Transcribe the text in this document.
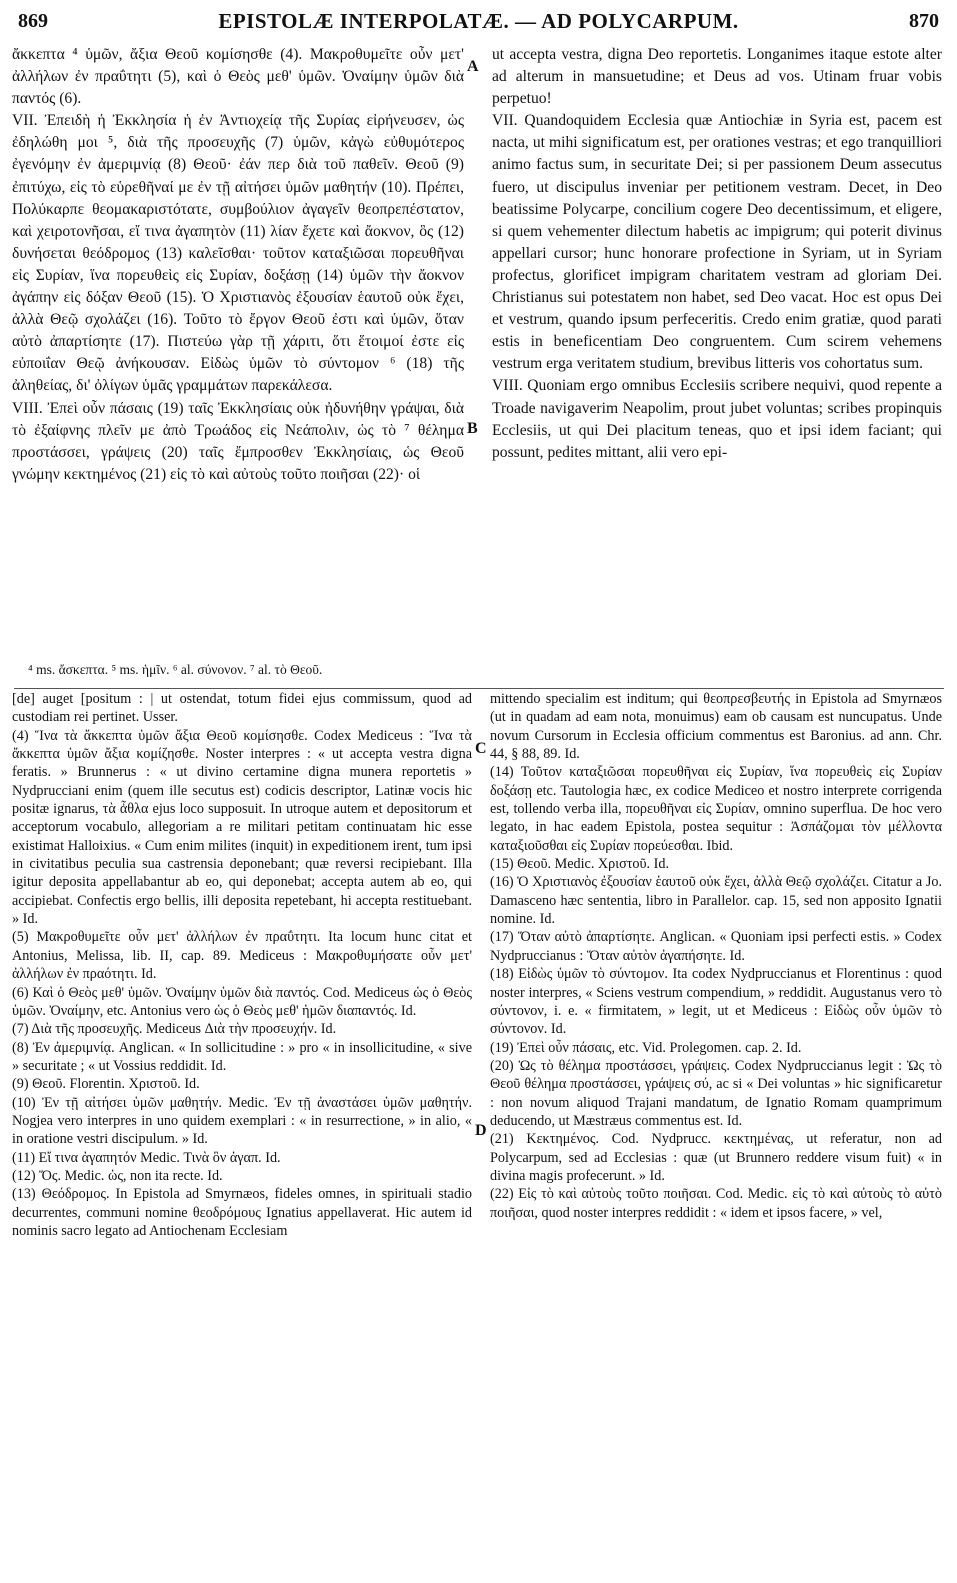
869	EPISTOLÆ INTERPOLATÆ. — AD POLYCARPUM.	870

ἄκκεπτα ⁴ ὑμῶν, ἄξια Θεοῦ κομίσησθε (4). Μακροθυμεῖτε οὖν μετ' ἀλλήλων ἐν πραΰτητι (5), καὶ ὁ Θεὸς μεθ' ὑμῶν. Ὀναίμην ὑμῶν διὰ παντός (6).

VII. Ἐπειδὴ ἡ Ἐκκλησία ἡ ἐν Ἀντιοχείᾳ τῆς Συρίας εἰρήνευσεν, ὡς ἐδηλώθη μοι ⁵, διὰ τῆς προσευχῆς (7) ὑμῶν, κἀγὼ εὐθυμότερος ἐγενόμην ἐν ἀμεριμνίᾳ (8) Θεοῦ· ἐάν περ διὰ τοῦ παθεῖν. Θεοῦ (9) ἐπιτύχω, εἰς τὸ εὑρεθῆναί με ἐν τῇ αἰτήσει ὑμῶν μαθητήν (10). Πρέπει, Πολύκαρπε θεομακαριστότατε, συμβούλιον ἀγαγεῖν θεοπρεπέστατον, καὶ χειροτονῆσαι, εἴ τινα ἀγαπητὸν (11) λίαν ἔχετε καὶ ἄοκνον, ὃς (12) δυνήσεται θεόδρομος (13) καλεῖσθαι· τοῦτον καταξιῶσαι πορευθῆναι εἰς Συρίαν, ἵνα πορευθεὶς εἰς Συρίαν, δοξάσῃ (14) ὑμῶν τὴν ἄοκνον ἀγάπην εἰς δόξαν Θεοῦ (15). Ὁ Χριστιανὸς ἐξουσίαν ἑαυτοῦ οὐκ ἔχει, ἀλλὰ Θεῷ σχολάζει (16). Τοῦτο τὸ ἔργον Θεοῦ ἐστι καὶ ὑμῶν, ὅταν αὐτὸ ἀπαρτίσητε (17). Πιστεύω γὰρ τῇ χάριτι, ὅτι ἕτοιμοί ἐστε εἰς εὐποιΐαν Θεῷ ἀνήκουσαν. Εἰδὼς ὑμῶν τὸ σύντομον ⁶ (18) τῆς ἀληθείας, δι' ὀλίγων ὑμᾶς γραμμάτων παρεκάλεσα.

VIII. Ἐπεὶ οὖν πάσαις (19) ταῖς Ἐκκλησίαις οὐκ ἠδυνήθην γράψαι, διὰ τὸ ἐξαίφνης πλεῖν με ἀπὸ Τρωάδος εἰς Νεάπολιν, ὡς τὸ ⁷ θέλημα προστάσσει, γράψεις (20) ταῖς ἔμπροσθεν Ἐκκλησίαις, ὡς Θεοῦ γνώμην κεκτημένος (21) εἰς τὸ καὶ αὐτοὺς τοῦτο ποιῆσαι (22)· οἱ

A
B

ut accepta vestra, digna Deo reportetis. Longanimes itaque estote alter ad alterum in mansuetudine; et Deus ad vos. Utinam fruar vobis perpetuo!

VII. Quandoquidem Ecclesia quæ Antiochiæ in Syria est, pacem est nacta, ut mihi significatum est, per orationes vestras; et ego tranquilliori animo factus sum, in securitate Dei; si per passionem Deum assecutus fuero, ut discipulus inveniar per petitionem vestram. Decet, in Deo beatissime Polycarpe, concilium cogere Deo decentissimum, et eligere, si quem vehementer dilectum habetis ac impigrum; qui poterit divinus appellari cursor; hunc honorare profectione in Syriam, ut in Syriam profectus, glorificet impigram charitatem vestram ad gloriam Dei. Christianus sui potestatem non habet, sed Deo vacat. Hoc est opus Dei et vestrum, quando ipsum perfeceritis. Credo enim gratiæ, quod parati estis in beneficentiam Deo congruentem. Cum scirem vehemens vestrum erga veritatem studium, brevibus litteris vos cohortatus sum.

VIII. Quoniam ergo omnibus Ecclesiis scribere nequivi, quod repente a Troade navigaverim Neapolim, prout jubet voluntas; scribes propinquis Ecclesiis, ut qui Dei placitum teneas, quo et ipsi idem faciant; qui possunt, pedites mittant, alii vero epi-

⁴ ms. ἄσκεπτα. ⁵ ms. ἡμῖν. ⁶ al. σύνονον. ⁷ al. τὸ Θεοῦ.

[de] auget [positum : | ut ostendat, totum fidei ejus commissum, quod ad custodiam rei pertinet. Usser.

(4) Ἵνα τὰ ἄκκεπτα ὑμῶν ἄξια Θεοῦ κομίσησθε. Codex Mediceus : Ἵνα τὰ ἄκκεπτα ὑμῶν ἄξια κομίζησθε. Noster interpres : « ut accepta vestra digna feratis. » Brunnerus : « ut divino certamine digna munera reportetis » Nydprucciani enim (quem ille secutus est) codicis descriptor, Latinæ vocis hic positæ ignarus, τὰ ἆθλα ejus loco supposuit. In utroque autem et depositorum et acceptorum vocabulo, allegoriam a re militari petitam continuatam hic esse existimat Halloixius. « Cum enim milites (inquit) in expeditionem irent, tum ipsi in civitatibus peculia sua castrensia deponebant; quæ reversi recipiebant. Illa igitur deposita appellabantur ab eo, qui deponebat; accepta autem ab eo, qui accipiebat. Confectis ergo bellis, illi deposita repetebant, hi accepta restituebant. » Id.

(5) Μακροθυμεῖτε οὖν μετ' ἀλλήλων ἐν πραΰτητι. Ita locum hunc citat et Antonius, Melissa, lib. II, cap. 89. Mediceus : Μακροθυμήσατε οὖν μετ' ἀλλήλων ἐν πραότητι. Id.

(6) Καὶ ὁ Θεὸς μεθ' ὑμῶν. Ὀναίμην ὑμῶν διὰ παντός. Cod. Mediceus ὡς ὁ Θεὸς ὑμῶν. Ὀναίμην, etc. Antonius vero ὡς ὁ Θεὸς μεθ' ἡμῶν διαπαντός. Id.

(7) Διὰ τῆς προσευχῆς. Mediceus Διὰ τὴν προσευχήν. Id.

(8) Ἐν ἀμεριμνίᾳ. Anglican. « In sollicitudine : » pro « in insollicitudine, « sive » securitate ; « ut Vossius reddidit. Id.

(9) Θεοῦ. Florentin. Χριστοῦ. Id.

(10) Ἐν τῇ αἰτήσει ὑμῶν μαθητήν. Medic. Ἐν τῇ ἀναστάσει ὑμῶν μαθητήν. Nogjea vero interpres in uno quidem exemplari : « in resurrectione, » in alio, « in oratione vestri discipulum. » Id.

(11) Εἴ τινα ἀγαπητόν Medic. Τινὰ ὃν ἀγαπ. Id.

(12) Ὅς. Medic. ὡς, non ita recte. Id.

(13) Θεόδρομος. In Epistola ad Smyrnæos, fideles omnes, in spirituali stadio decurrentes, communi nomine θεοδρόμους Ignatius appellaverat. Hic autem id nominis sacro legato ad Antiochenam Ecclesiam

C
D

mittendo specialim est inditum; qui θεοπρεσβευτής in Epistola ad Smyrnæos (ut in quadam ad eam nota, monuimus) eam ob causam est nuncupatus. Unde novum Cursorum in Ecclesia officium commentus est Baronius. ad ann. Chr. 44, § 88, 89. Id.

(14) Τοῦτον καταξιῶσαι πορευθῆναι εἰς Συρίαν, ἵνα πορευθεὶς εἰς Συρίαν δοξάσῃ etc. Tautologia hæc, ex codice Mediceo et nostro interprete corrigenda est, tollendo verba illa, πορευθῆναι εἰς Συρίαν, omnino superflua. De hoc vero legato, in hac eadem Epistola, postea sequitur : Ἀσπάζομαι τὸν μέλλοντα καταξιοῦσθαι εἰς Συρίαν πορεύεσθαι. Ibid.

(15) Θεοῦ. Medic. Χριστοῦ. Id.

(16) Ὁ Χριστιανὸς ἐξουσίαν ἑαυτοῦ οὐκ ἔχει, ἀλλὰ Θεῷ σχολάζει. Citatur a Jo. Damasceno hæc sententia, libro in Parallelor. cap. 15, sed non apposito Ignatii nomine. Id.

(17) Ὅταν αὐτὸ ἀπαρτίσητε. Anglican. « Quoniam ipsi perfecti estis. » Codex Nydpruccianus : Ὅταν αὐτὸν ἀγαπήσητε. Id.

(18) Εἰδὼς ὑμῶν τὸ σύντομον. Ita codex Nydpruccianus et Florentinus : quod noster interpres, « Sciens vestrum compendium, » reddidit. Augustanus vero τὸ σύντονον, i. e. « firmitatem, » legit, ut et Mediceus : Εἰδὼς οὖν ὑμῶν τὸ σύντονον. Id.

(19) Ἐπεὶ οὖν πάσαις, etc. Vid. Prolegomen. cap. 2. Id.

(20) Ὡς τὸ θέλημα προστάσσει, γράψεις. Codex Nydpruccianus legit : Ὡς τὸ Θεοῦ θέλημα προστάσσει, γράψεις σύ, ac si « Dei voluntas » hic significaretur : non novum aliquod Trajani mandatum, de Ignatio Romam quamprimum deducendo, ut Mæstræus commentus est. Id.

(21) Κεκτημένος. Cod. Nydprucc. κεκτημένας, ut referatur, non ad Polycarpum, sed ad Ecclesias : quæ (ut Brunnero reddere visum fuit) « in divina magis profecerunt. » Id.

(22) Εἰς τὸ καὶ αὐτοὺς τοῦτο ποιῆσαι. Cod. Medic. εἰς τὸ καὶ αὐτοὺς τὸ αὐτὸ ποιῆσαι, quod noster interpres reddidit : « idem et ipsos facere, » vel,
